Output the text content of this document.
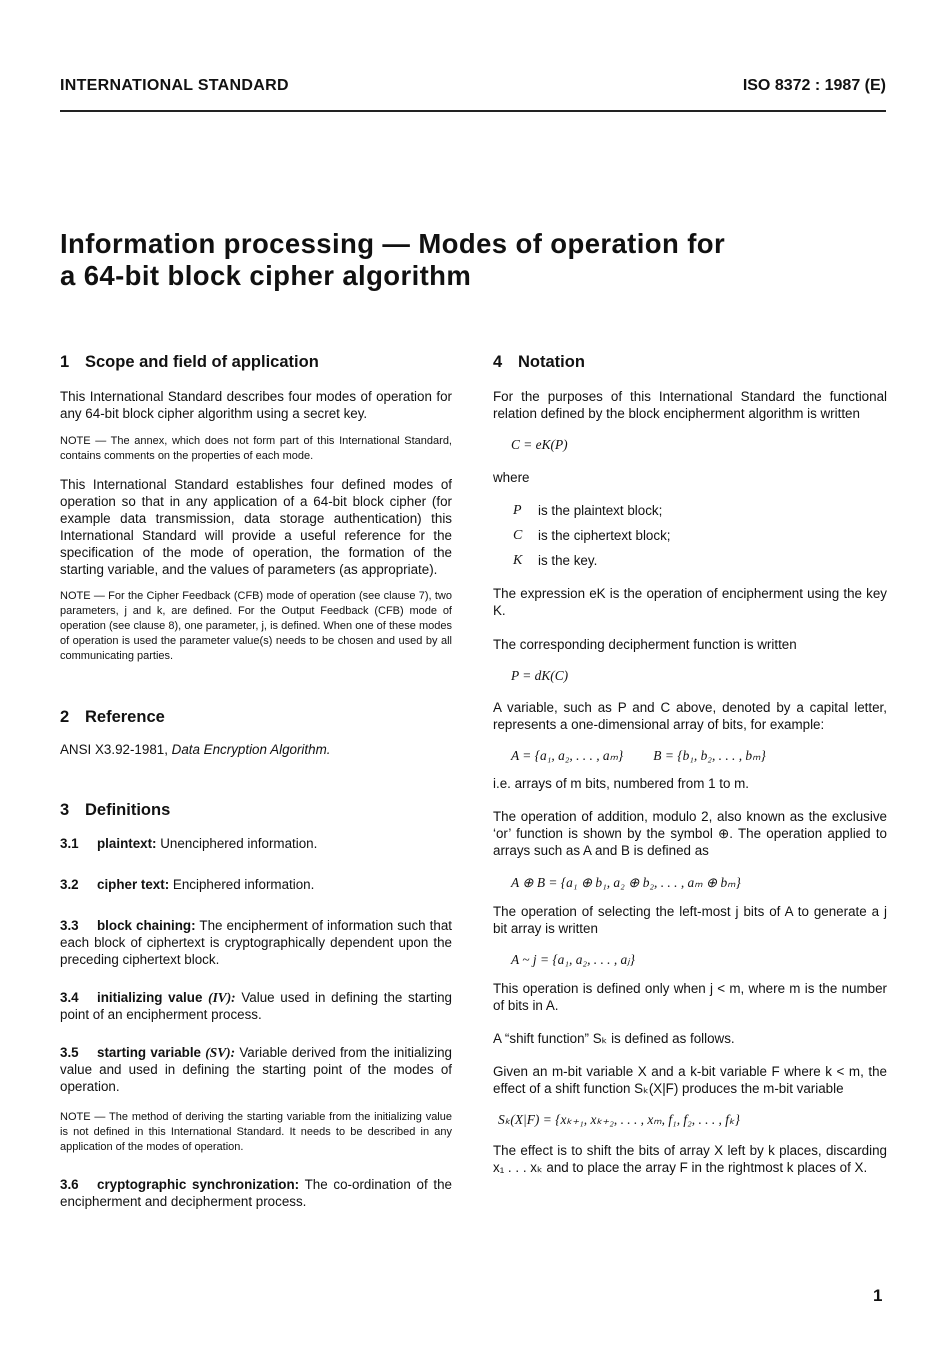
INTERNATIONAL STANDARD	ISO 8372 : 1987 (E)
Information processing — Modes of operation for
a 64-bit block cipher algorithm
1 Scope and field of application

This International Standard describes four modes of operation for any 64-bit block cipher algorithm using a secret key.

NOTE — The annex, which does not form part of this International Standard, contains comments on the properties of each mode.

This International Standard establishes four defined modes of operation so that in any application of a 64-bit block cipher (for example data transmission, data storage authentication) this International Standard will provide a useful reference for the specification of the mode of operation, the formation of the starting variable, and the values of parameters (as appropriate).

NOTE — For the Cipher Feedback (CFB) mode of operation (see clause 7), two parameters, j and k, are defined. For the Output Feedback (CFB) mode of operation (see clause 8), one parameter, j, is defined. When one of these modes of operation is used the parameter value(s) needs to be chosen and used by all communicating parties.

2 Reference

ANSI X3.92-1981, Data Encryption Algorithm.

3 Definitions

3.1 plaintext: Unenciphered information.

3.2 cipher text: Enciphered information.

3.3 block chaining: The encipherment of information such that each block of ciphertext is cryptographically dependent upon the preceding ciphertext block.

3.4 initializing value (IV): Value used in defining the starting point of an encipherment process.

3.5 starting variable (SV): Variable derived from the initializing value and used in defining the starting point of the modes of operation.

NOTE — The method of deriving the starting variable from the initializing value is not defined in this International Standard. It needs to be described in any application of the modes of operation.

3.6 cryptographic synchronization: The co-ordination of the encipherment and decipherment process.

4 Notation

For the purposes of this International Standard the functional relation defined by the block encipherment algorithm is written

C = eK(P)

where

P	is the plaintext block;
C	is the ciphertext block;
K	is the key.

The expression eK is the operation of encipherment using the key K.

The corresponding decipherment function is written

P = dK(C)

A variable, such as P and C above, denoted by a capital letter, represents a one-dimensional array of bits, for example:

A = {a₁, a₂, . . . , aₘ} B = {b₁, b₂, . . . , bₘ}

i.e. arrays of m bits, numbered from 1 to m.

The operation of addition, modulo 2, also known as the exclusive ‘or’ function is shown by the symbol ⊕. The operation applied to arrays such as A and B is defined as

A ⊕ B = {a₁ ⊕ b₁, a₂ ⊕ b₂, . . . , aₘ ⊕ bₘ}

The operation of selecting the left-most j bits of A to generate a j bit array is written

A ~ j = {a₁, a₂, . . . , aⱼ}

This operation is defined only when j < m, where m is the number of bits in A.

A “shift function” Sₖ is defined as follows.

Given an m-bit variable X and a k-bit variable F where k < m, the effect of a shift function Sₖ(X|F) produces the m-bit variable

Sₖ(X|F) = {xₖ₊₁, xₖ₊₂, . . . , xₘ, f₁, f₂, . . . , fₖ}

The effect is to shift the bits of array X left by k places, discarding x₁ . . . xₖ and to place the array F in the rightmost k places of X.

1
